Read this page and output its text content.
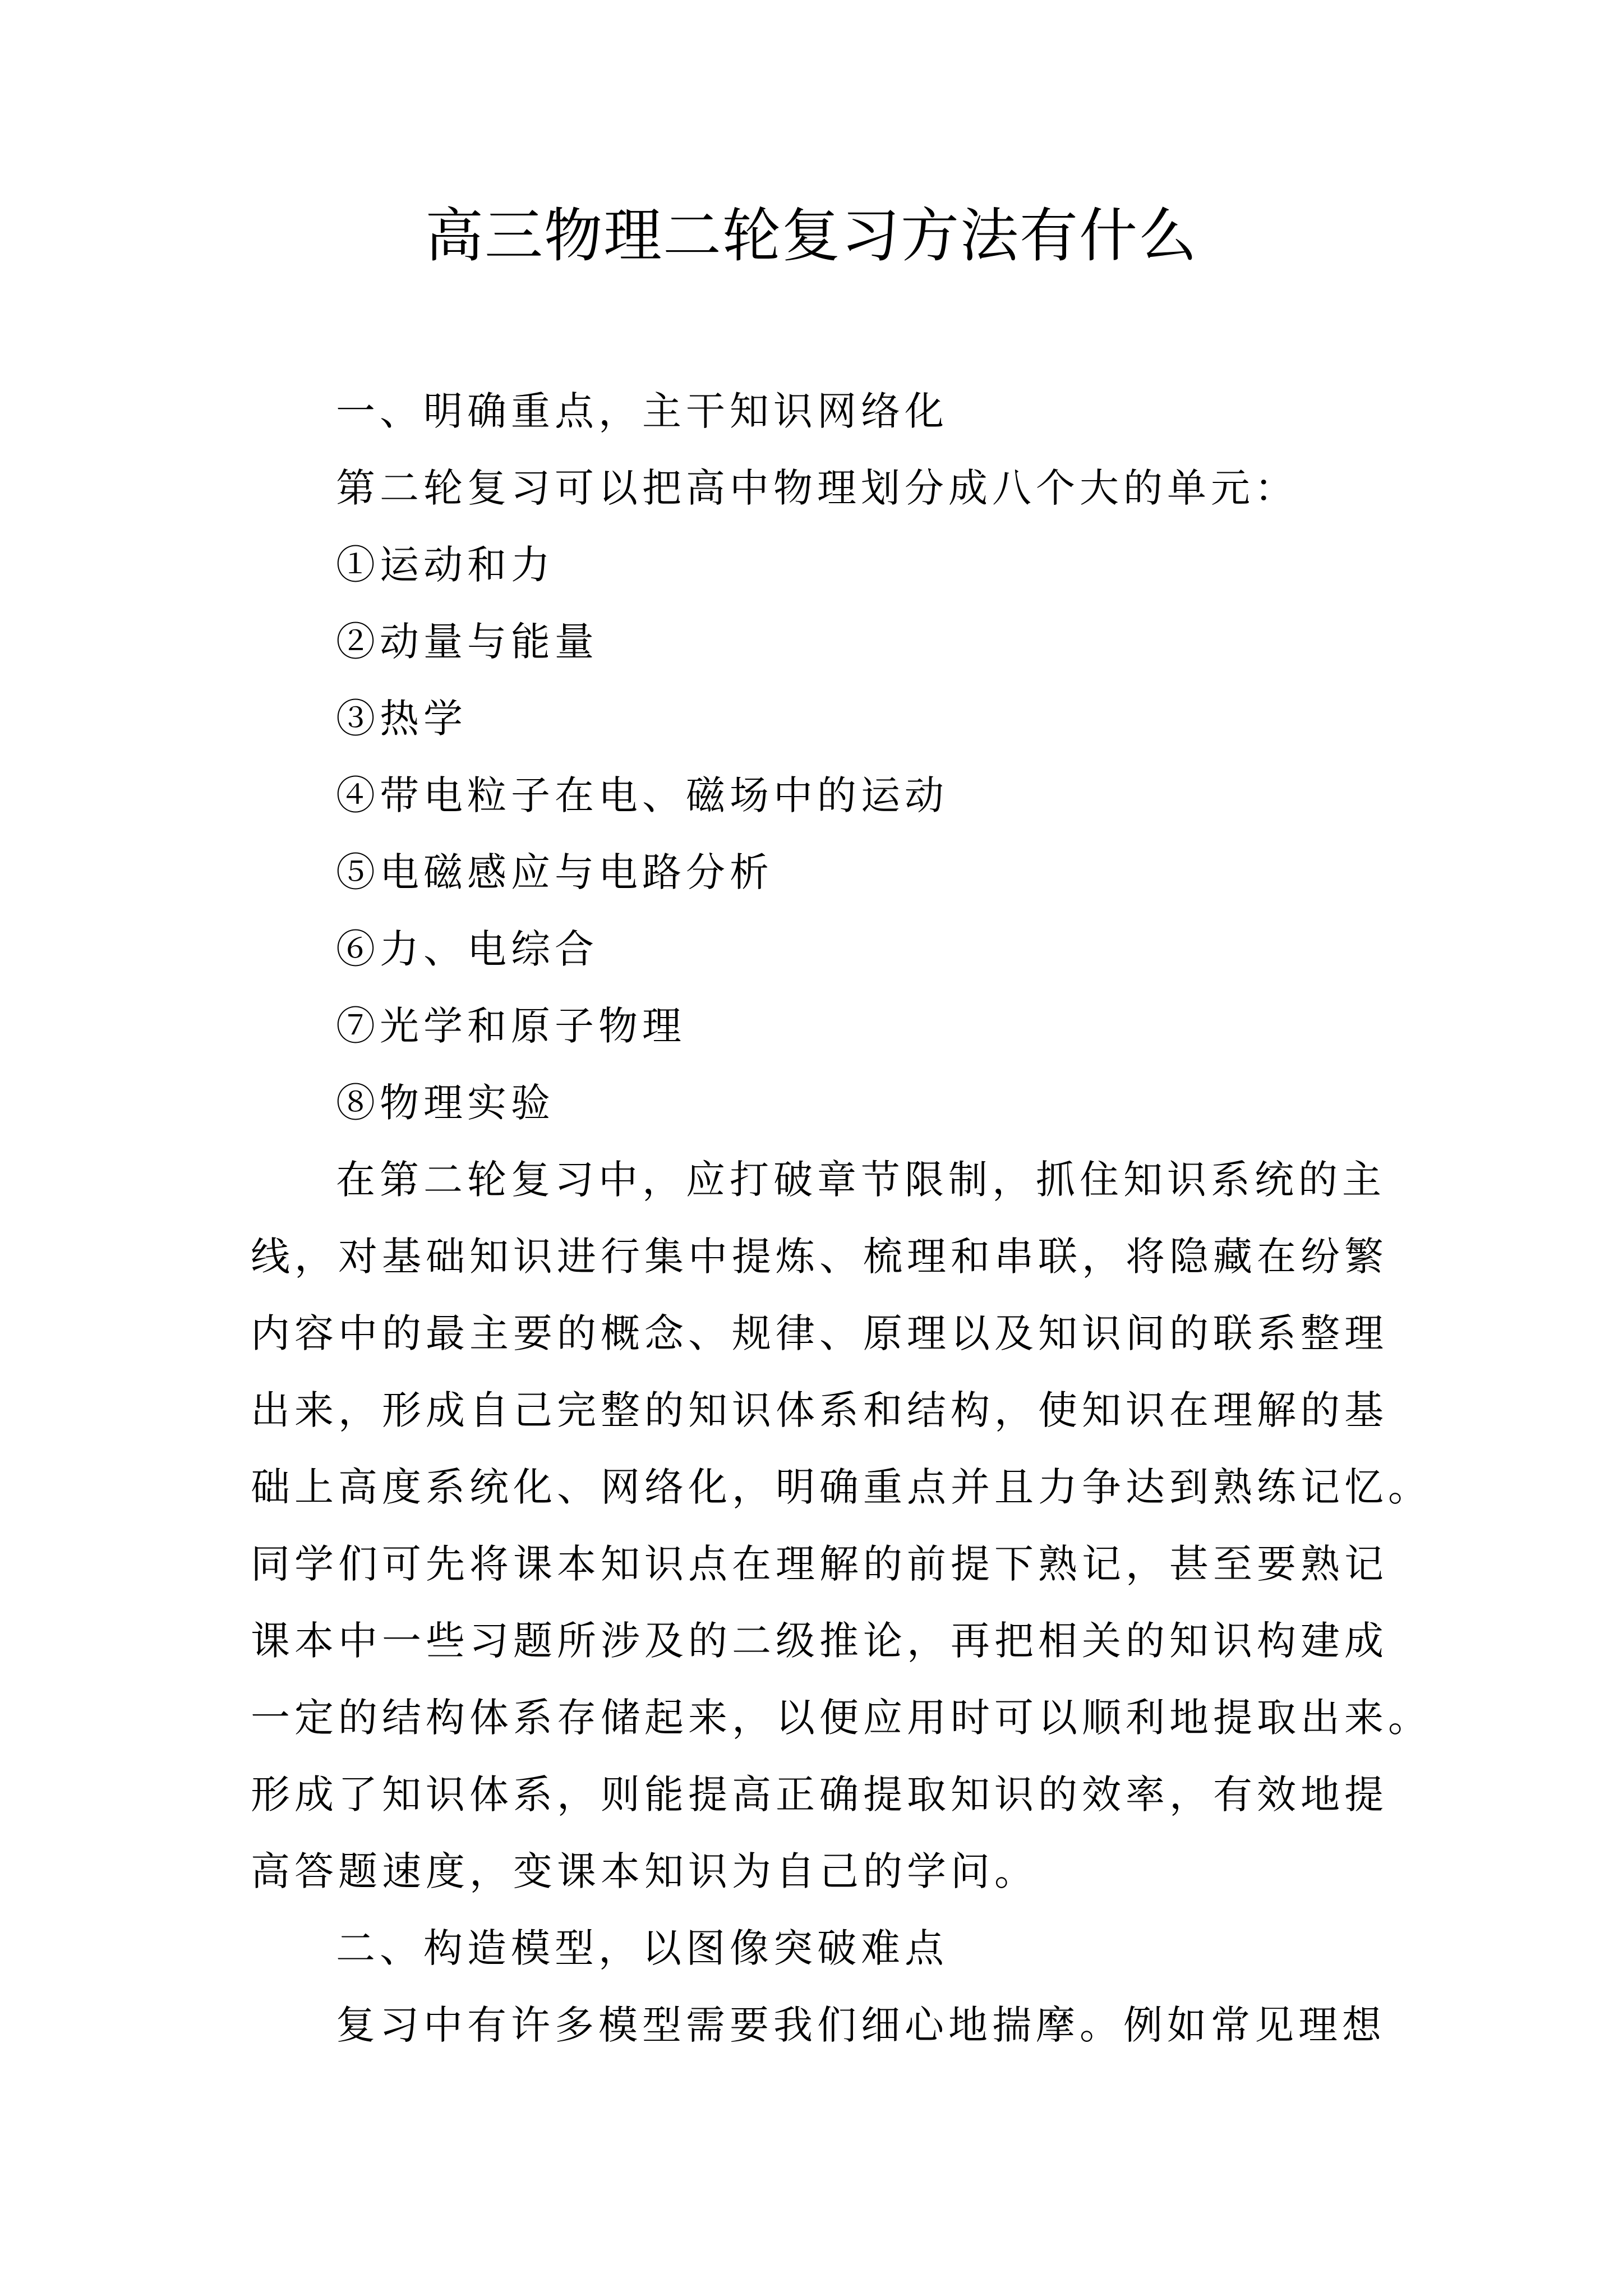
高三物理二轮复习方法有什么

一、明确重点，主干知识网络化

第二轮复习可以把高中物理划分成八个大的单元：

①运动和力

②动量与能量

③热学

④带电粒子在电、磁场中的运动

⑤电磁感应与电路分析

⑥力、电综合

⑦光学和原子物理

⑧物理实验

在第二轮复习中，应打破章节限制，抓住知识系统的主

线，对基础知识进行集中提炼、梳理和串联，将隐藏在纷繁

内容中的最主要的概念、规律、原理以及知识间的联系整理

出来，形成自己完整的知识体系和结构，使知识在理解的基

础上高度系统化、网络化，明确重点并且力争达到熟练记忆。

同学们可先将课本知识点在理解的前提下熟记，甚至要熟记

课本中一些习题所涉及的二级推论，再把相关的知识构建成

一定的结构体系存储起来，以便应用时可以顺利地提取出来。

形成了知识体系，则能提高正确提取知识的效率，有效地提

高答题速度，变课本知识为自己的学问。

二、构造模型，以图像突破难点

复习中有许多模型需要我们细心地揣摩。例如常见理想
